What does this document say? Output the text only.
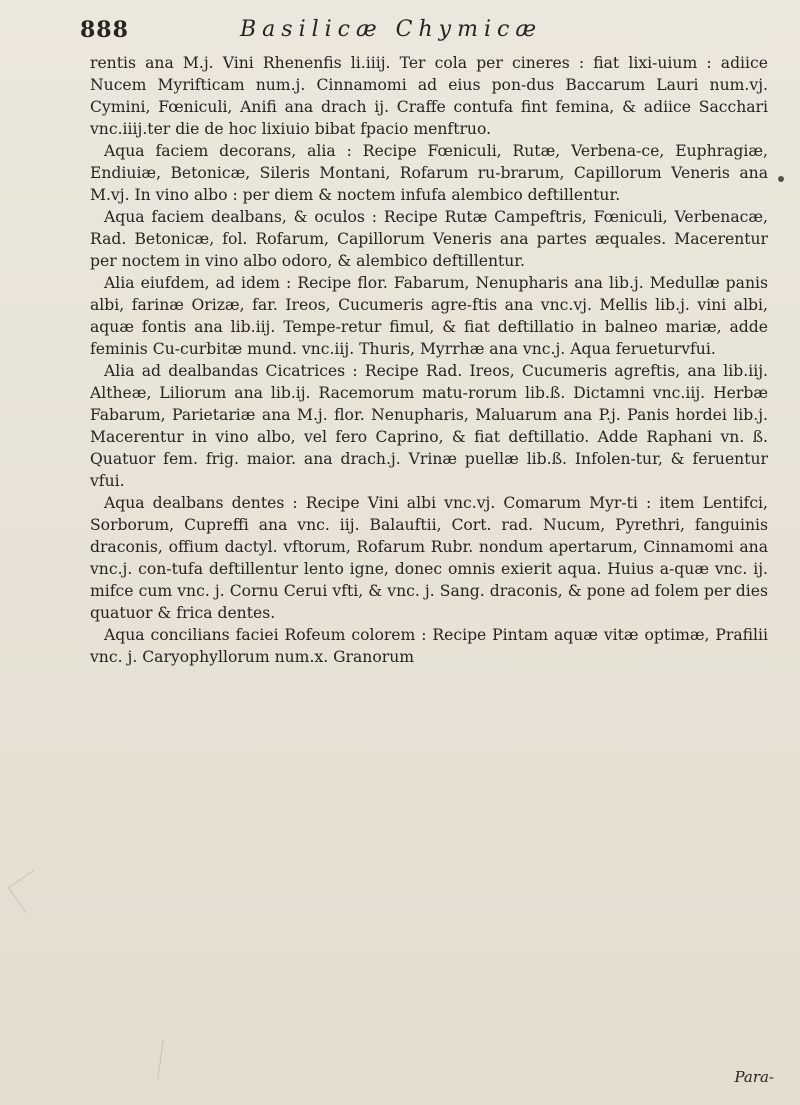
888	Basilicæ Chymicæ

rentis ana M.j. Vini Rhenenfis li.iiij. Ter cola per cineres : fiat lixi-uium : adiice Nucem Myrifticam num.j. Cinnamomi ad eius pon-dus Baccarum Lauri num.vj. Cymini, Fœniculi, Anifi ana drach ij. Craffe contufa fint femina, & adiice Sacchari vnc.iiij.ter die de hoc lixiuio bibat fpacio menftruo.

Aqua faciem decorans, alia : Recipe Fœniculi, Rutæ, Verbena-ce, Euphragiæ, Endiuiæ, Betonicæ, Sileris Montani, Rofarum ru-brarum, Capillorum Veneris ana M.vj. In vino albo : per diem & noctem infufa alembico deftillentur.

Aqua faciem dealbans, & oculos : Recipe Rutæ Campeftris, Fœniculi, Verbenacæ, Rad. Betonicæ, fol. Rofarum, Capillorum Veneris ana partes æquales. Macerentur per noctem in vino albo odoro, & alembico deftillentur.

Alia eiufdem, ad idem : Recipe flor. Fabarum, Nenupharis ana lib.j. Medullæ panis albi, farinæ Orizæ, far. Ireos, Cucumeris agre-ftis ana vnc.vj. Mellis lib.j. vini albi, aquæ fontis ana lib.iij. Tempe-retur fimul, & fiat deftillatio in balneo mariæ, adde feminis Cu-curbitæ mund. vnc.iij. Thuris, Myrrhæ ana vnc.j. Aqua ferueturvfui.

Alia ad dealbandas Cicatrices : Recipe Rad. Ireos, Cucumeris agreftis, ana lib.iij. Altheæ, Liliorum ana lib.ij. Racemorum matu-rorum lib.ß. Dictamni vnc.iij. Herbæ Fabarum, Parietariæ ana M.j. flor. Nenupharis, Maluarum ana P.j. Panis hordei lib.j. Macerentur in vino albo, vel fero Caprino, & fiat deftillatio. Adde Raphani vn. ß. Quatuor fem. frig. maior. ana drach.j. Vrinæ puellæ lib.ß. Infolen-tur, & feruentur vfui.

Aqua dealbans dentes : Recipe Vini albi vnc.vj. Comarum Myr-ti : item Lentifci, Sorborum, Cupreffi ana vnc. iij. Balauftii, Cort. rad. Nucum, Pyrethri, fanguinis draconis, offium dactyl. vftorum, Rofarum Rubr. nondum apertarum, Cinnamomi ana vnc.j. con-tufa deftillentur lento igne, donec omnis exierit aqua. Huius a-quæ vnc. ij. mifce cum vnc. j. Cornu Cerui vfti, & vnc. j. Sang. draconis, & pone ad folem per dies quatuor & frica dentes.

Aqua concilians faciei Rofeum colorem : Recipe Pintam aquæ vitæ optimæ, Prafilii vnc. j. Caryophyllorum num.x. Granorum

Para-
